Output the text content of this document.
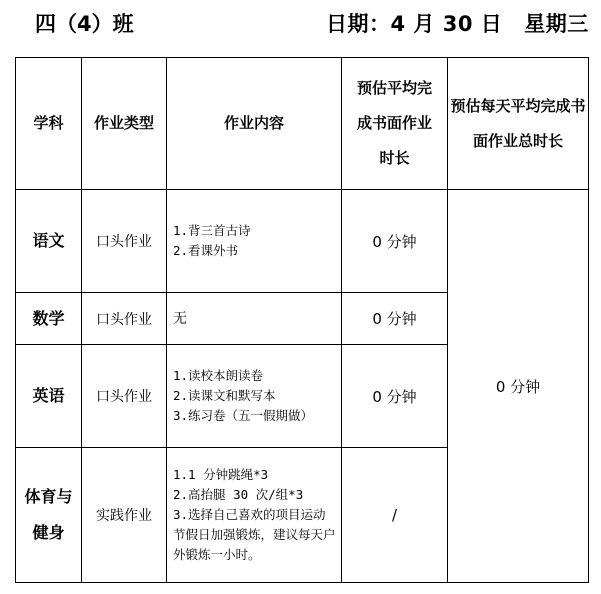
四（4）班	日期：4 月 30 日 星期三
学科	作业类型	作业内容	预估平均完成书面作业时长	预估每天平均完成书面作业总时长
语文	口头作业	1.背三首古诗
2.看课外书	0 分钟	0 分钟
数学	口头作业	无	0 分钟	
英语	口头作业	1.读校本朗读卷
2.读课文和默写本
3.练习卷（五一假期做）	0 分钟	
体育与健身	实践作业	1.1 分钟跳绳*3
2.高抬腿 30 次/组*3
3.选择自己喜欢的项目运动
节假日加强锻炼，建议每天户外锻炼一小时。	/	
